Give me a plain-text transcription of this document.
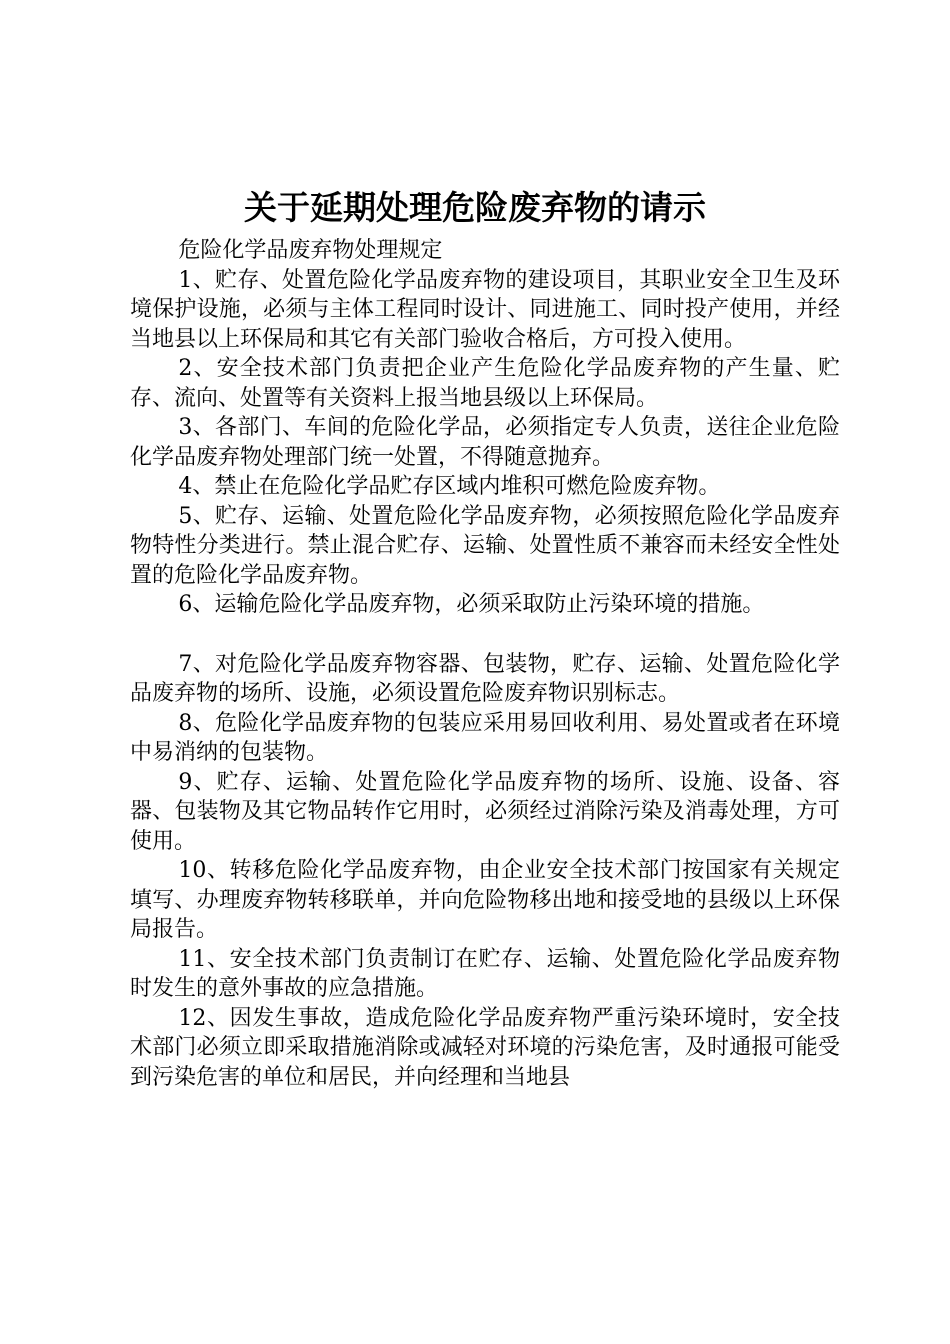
关于延期处理危险废弃物的请示

危险化学品废弃物处理规定

1、贮存、处置危险化学品废弃物的建设项目，其职业安全卫生及环境保护设施，必须与主体工程同时设计、同进施工、同时投产使用，并经当地县以上环保局和其它有关部门验收合格后，方可投入使用。

2、安全技术部门负责把企业产生危险化学品废弃物的产生量、贮存、流向、处置等有关资料上报当地县级以上环保局。

3、各部门、车间的危险化学品，必须指定专人负责，送往企业危险化学品废弃物处理部门统一处置，不得随意抛弃。

4、禁止在危险化学品贮存区域内堆积可燃危险废弃物。

5、贮存、运输、处置危险化学品废弃物，必须按照危险化学品废弃物特性分类进行。禁止混合贮存、运输、处置性质不兼容而未经安全性处置的危险化学品废弃物。

6、运输危险化学品废弃物，必须采取防止污染环境的措施。

7、对危险化学品废弃物容器、包装物，贮存、运输、处置危险化学品废弃物的场所、设施，必须设置危险废弃物识别标志。

8、危险化学品废弃物的包装应采用易回收利用、易处置或者在环境中易消纳的包装物。

9、贮存、运输、处置危险化学品废弃物的场所、设施、设备、容器、包装物及其它物品转作它用时，必须经过消除污染及消毒处理，方可使用。

10、转移危险化学品废弃物，由企业安全技术部门按国家有关规定填写、办理废弃物转移联单，并向危险物移出地和接受地的县级以上环保局报告。

11、安全技术部门负责制订在贮存、运输、处置危险化学品废弃物时发生的意外事故的应急措施。

12、因发生事故，造成危险化学品废弃物严重污染环境时，安全技术部门必须立即采取措施消除或减轻对环境的污染危害，及时通报可能受到污染危害的单位和居民，并向经理和当地县
